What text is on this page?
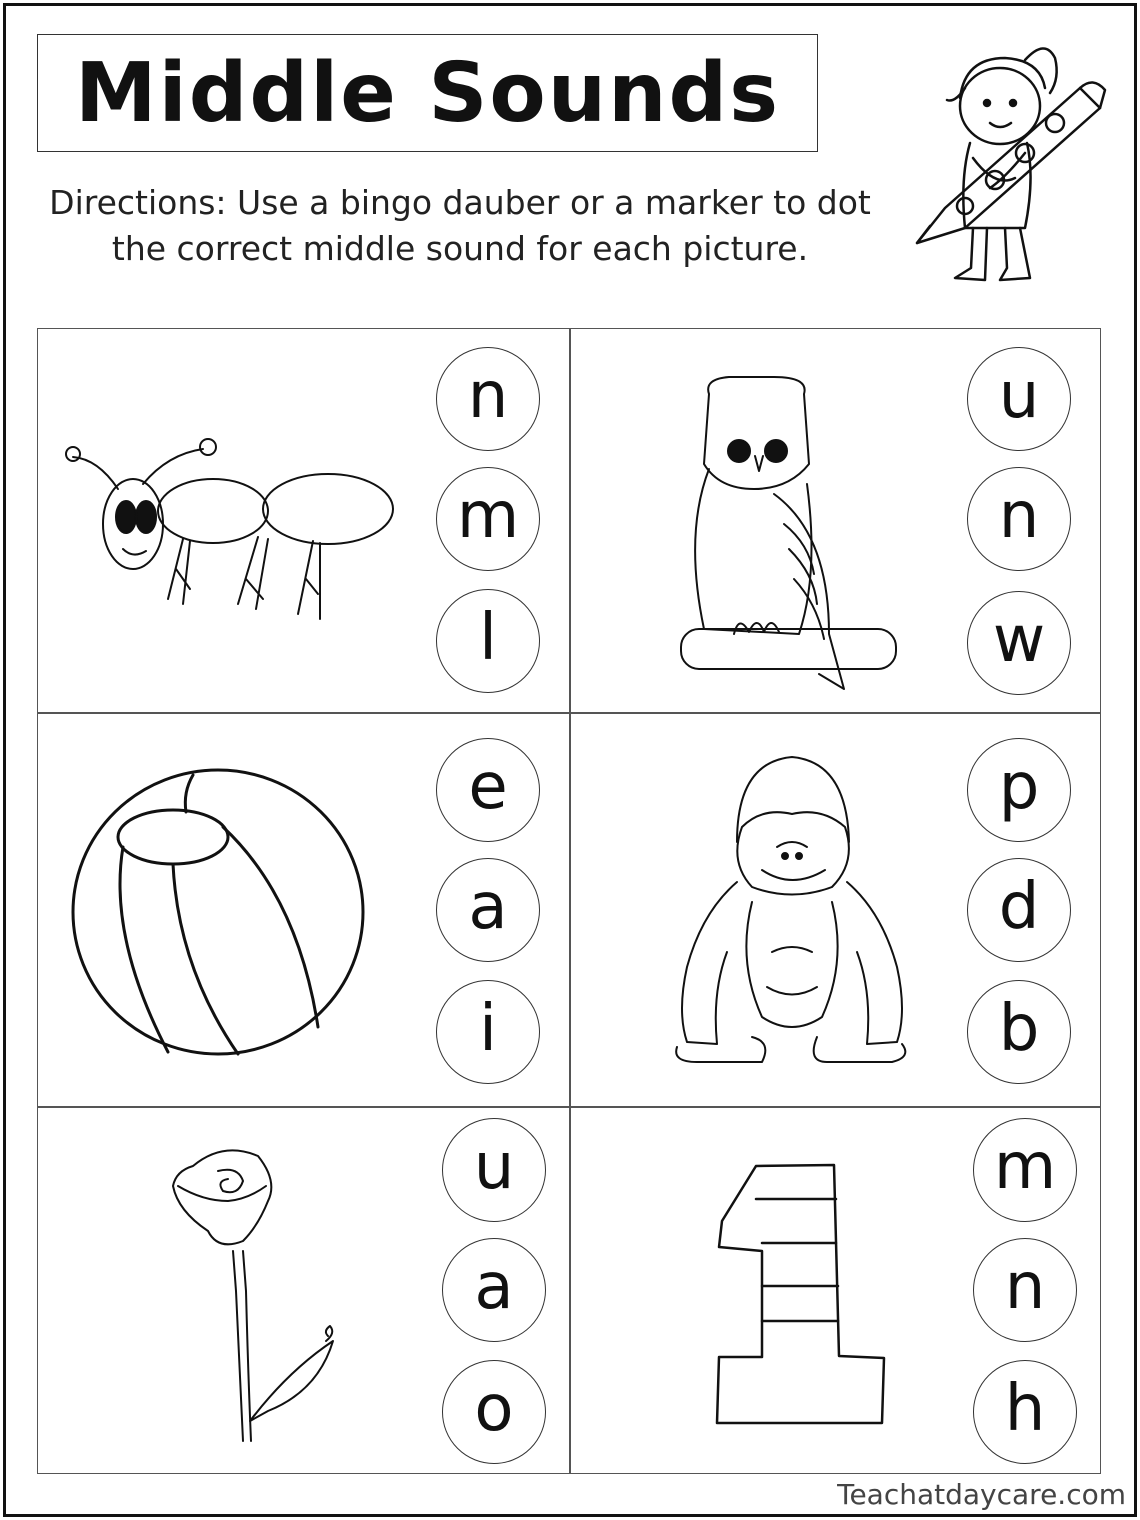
Middle Sounds
Directions: Use a bingo dauber or a marker to dot the correct middle sound for each picture.
n
m
l
u
n
w
e
a
i
p
d
b
u
a
o
m
n
h
Teachatdaycare.com
